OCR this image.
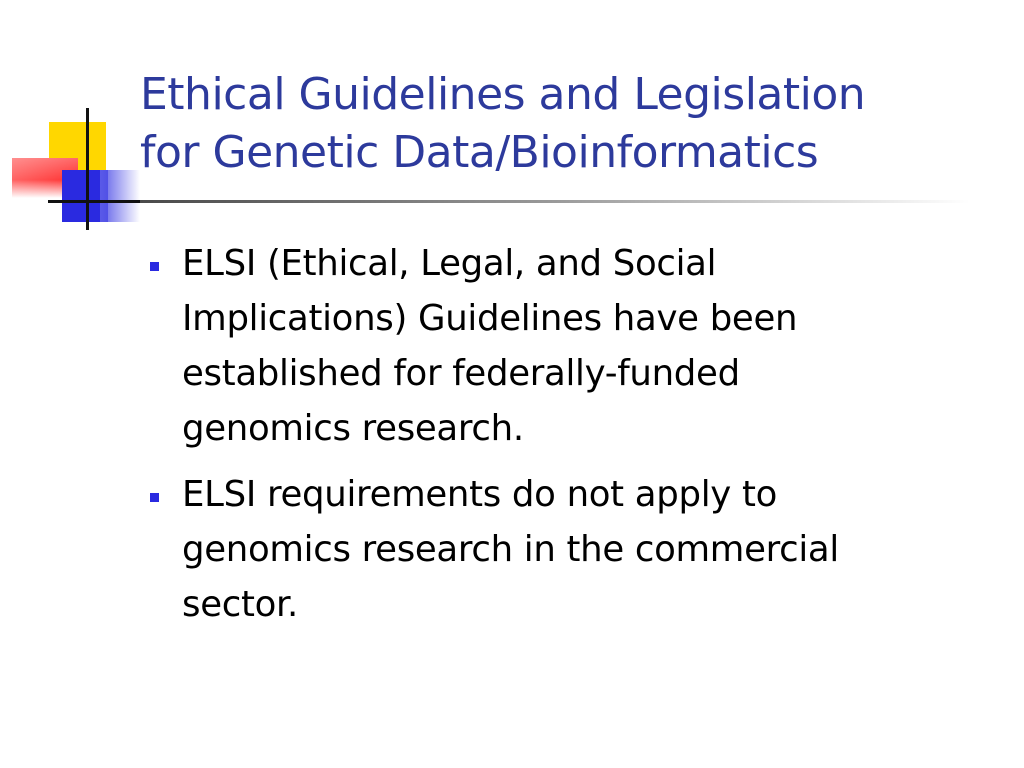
Ethical Guidelines and Legislation
for Genetic Data/Bioinformatics
ELSI (Ethical, Legal, and Social
Implications) Guidelines have been
established for federally-funded
genomics research.
ELSI requirements do not apply to
genomics research in the commercial
sector.
